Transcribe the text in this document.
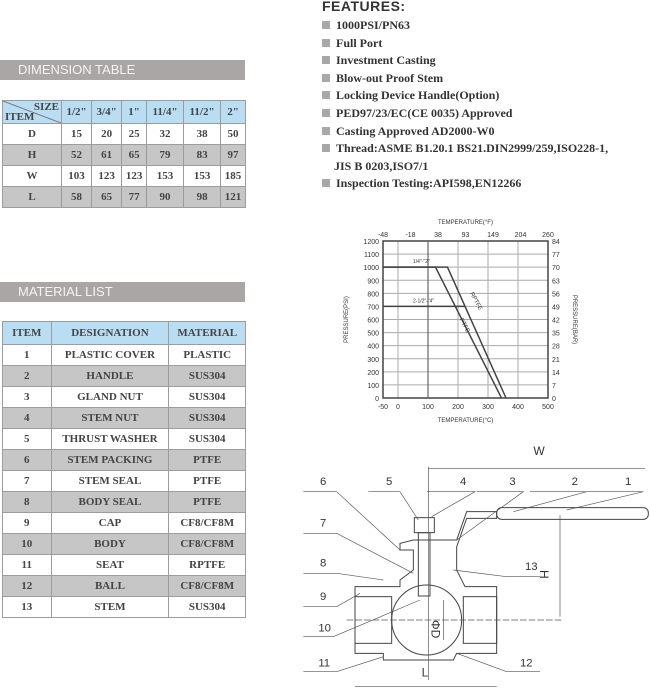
DIMENSION TABLE
SIZE
ITEM	1/2"	3/4"	1"	11/4"	11/2"	2"
D	15	20	25	32	38	50
H	52	61	65	79	83	97
W	103	123	123	153	153	185
L	58	65	77	90	98	121
MATERIAL LIST
ITEM	DESIGNATION	MATERIAL
1	PLASTIC COVER	PLASTIC
2	HANDLE	SUS304
3	GLAND NUT	SUS304
4	STEM NUT	SUS304
5	THRUST WASHER	SUS304
6	STEM PACKING	PTFE
7	STEM SEAL	PTFE
8	BODY SEAL	PTFE
9	CAP	CF8/CF8M
10	BODY	CF8/CF8M
11	SEAT	RPTFE
12	BALL	CF8/CF8M
13	STEM	SUS304
FEATURES:
1000PSI/PN63
Full Port
Investment Casting
Blow-out Proof Stem
Locking Device Handle(Option)
PED97/23/EC(CE 0035) Approved
Casting Approved AD2000-W0
Thread:ASME B1.20.1 BS21.DIN2999/259,ISO228-1,
JIS B 0203,ISO7/1
Inspection Testing:API598,EN12266
0	0
100	7
200	14
300	21
400	28
500	35
600	42
700	49
800	56
900	63
1000	70
1100	77
1200	84
-50
-48
0
-18
100
38
200
93
300
149
400
204
500
260
1/4"-"2"
2-1/2"-"4"
PTFE
RPTFE
TEMPERATURE(°F)
TEMPERATURE(°C)
PRESSURE(PSI)	PRESSURE(BAR)
1
2
3
4
5
6
7
8
9
10
11	12
13
W
H
L
ΦD
